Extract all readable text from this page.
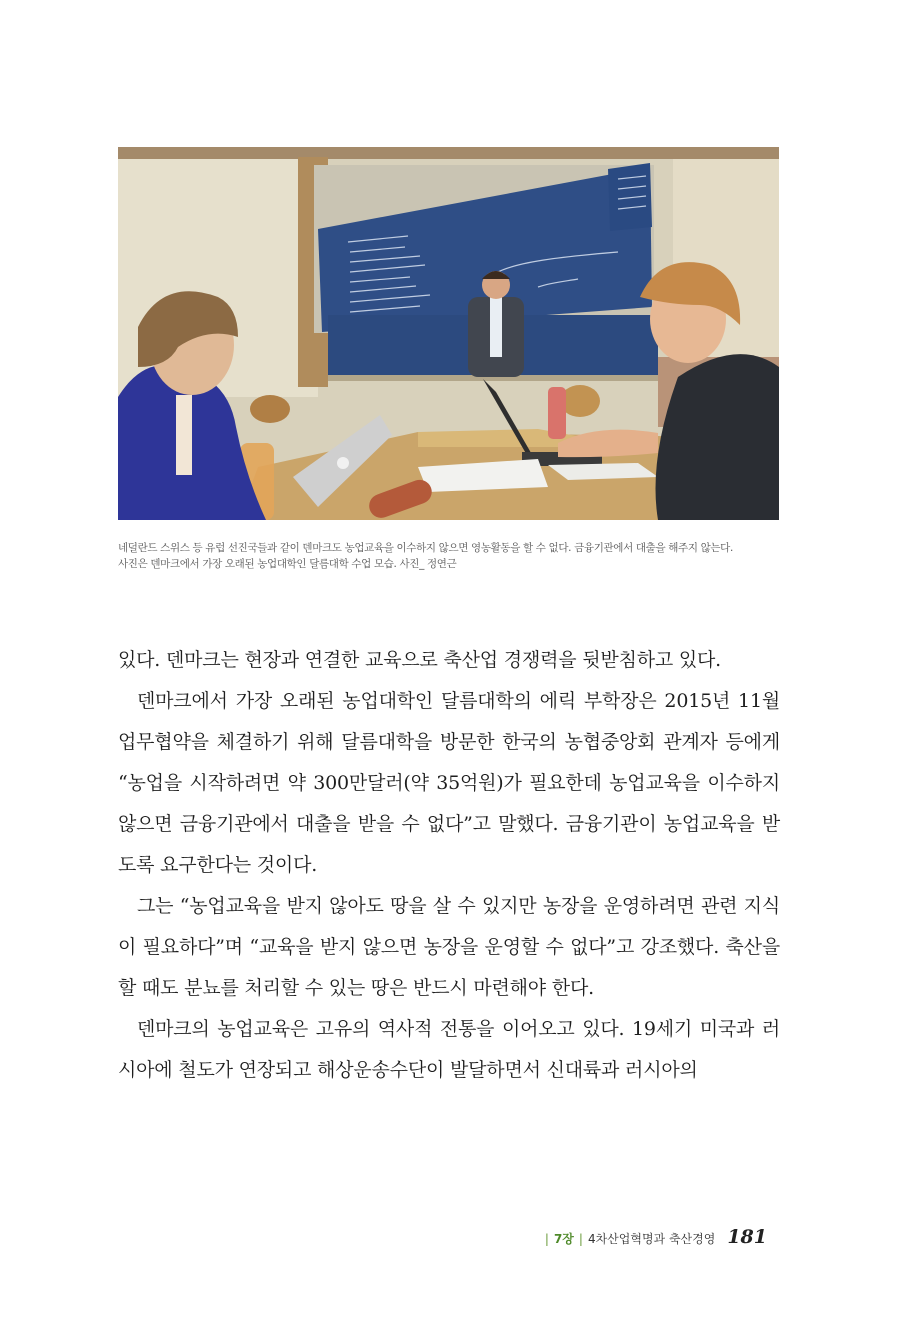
네덜란드 스위스 등 유럽 선진국들과 같이 덴마크도 농업교육을 이수하지 않으면 영농활동을 할 수 없다. 금융기관에서 대출을 해주지 않는다.
사진은 덴마크에서 가장 오래된 농업대학인 달름대학 수업 모습. 사진_ 정연근

있다. 덴마크는 현장과 연결한 교육으로 축산업 경쟁력을 뒷받침하고 있다.

덴마크에서 가장 오래된 농업대학인 달름대학의 에릭 부학장은 2015년 11월 업무협약을 체결하기 위해 달름대학을 방문한 한국의 농협중앙회 관계자 등에게 “농업을 시작하려면 약 300만달러(약 35억원)가 필요한데 농업교육을 이수하지 않으면 금융기관에서 대출을 받을 수 없다”고 말했다. 금융기관이 농업교육을 받도록 요구한다는 것이다.

그는 “농업교육을 받지 않아도 땅을 살 수 있지만 농장을 운영하려면 관련 지식이 필요하다”며 “교육을 받지 않으면 농장을 운영할 수 없다”고 강조했다. 축산을 할 때도 분뇨를 처리할 수 있는 땅은 반드시 마련해야 한다.

덴마크의 농업교육은 고유의 역사적 전통을 이어오고 있다. 19세기 미국과 러시아에 철도가 연장되고 해상운송수단이 발달하면서 신대륙과 러시아의

| 7장 | 4차산업혁명과 축산경영 181
